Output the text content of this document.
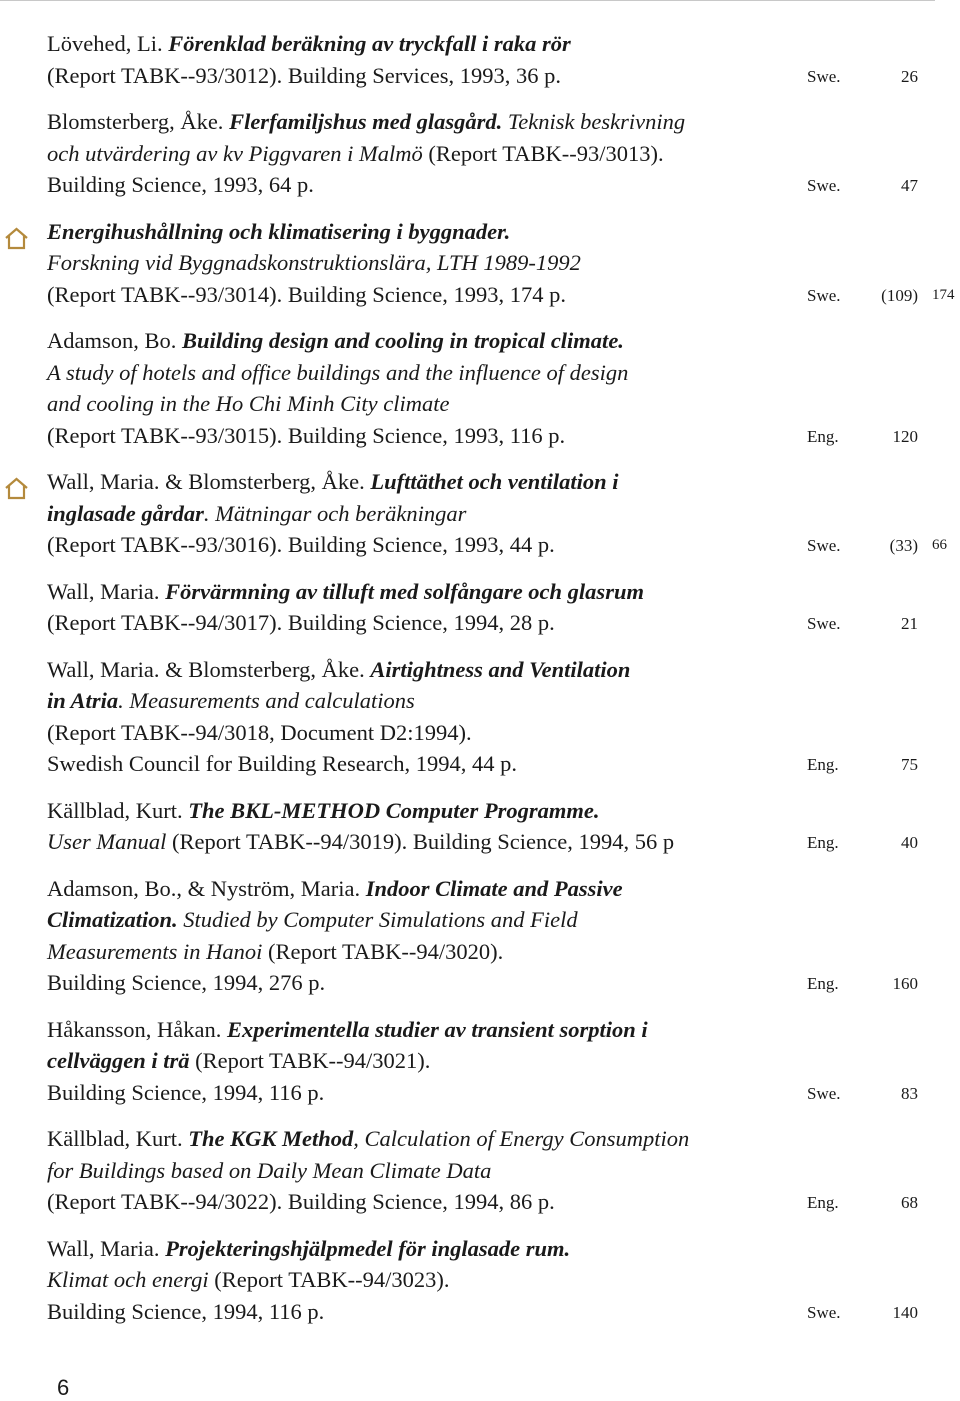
Lövehed, Li. Förenklad beräkning av tryckfall i raka rör
(Report TABK--93/3012). Building Services, 1993, 36 p.	Swe.	26
Blomsterberg, Åke. Flerfamiljshus med glasgård. Teknisk beskrivning
och utvärdering av kv Piggvaren i Malmö (Report TABK--93/3013).
Building Science, 1993, 64 p.	Swe.	47
Energihushållning och klimatisering i byggnader.
Forskning vid Byggnadskonstruktionslära, LTH 1989-1992
(Report TABK--93/3014). Building Science, 1993, 174 p.	Swe. (109) 174
Adamson, Bo. Building design and cooling in tropical climate.
A study of hotels and office buildings and the influence of design
and cooling in the Ho Chi Minh City climate
(Report TABK--93/3015). Building Science, 1993, 116 p.	Eng.	120
Wall, Maria. & Blomsterberg, Åke. Lufttäthet och ventilation i
inglasade gårdar. Mätningar och beräkningar
(Report TABK--93/3016). Building Science, 1993, 44 p.	Swe.	(33) 66
Wall, Maria. Förvärmning av tilluft med solfångare och glasrum
(Report TABK--94/3017). Building Science, 1994, 28 p.	Swe.	21
Wall, Maria. & Blomsterberg, Åke. Airtightness and Ventilation
in Atria. Measurements and calculations
(Report TABK--94/3018, Document D2:1994).
Swedish Council for Building Research, 1994, 44 p.	Eng.	75
Källblad, Kurt. The BKL-METHOD Computer Programme.
User Manual (Report TABK--94/3019). Building Science, 1994, 56 p	Eng.	40
Adamson, Bo., & Nyström, Maria. Indoor Climate and Passive
Climatization. Studied by Computer Simulations and Field
Measurements in Hanoi (Report TABK--94/3020).
Building Science, 1994, 276 p.	Eng.	160
Håkansson, Håkan. Experimentella studier av transient sorption i
cellväggen i trä (Report TABK--94/3021).
Building Science, 1994, 116 p.	Swe.	83
Källblad, Kurt. The KGK Method, Calculation of Energy Consumption
for Buildings based on Daily Mean Climate Data
(Report TABK--94/3022). Building Science, 1994, 86 p.	Eng.	68
Wall, Maria. Projekteringshjälpmedel för inglasade rum.
Klimat och energi (Report TABK--94/3023).
Building Science, 1994, 116 p.	Swe.	140
6
